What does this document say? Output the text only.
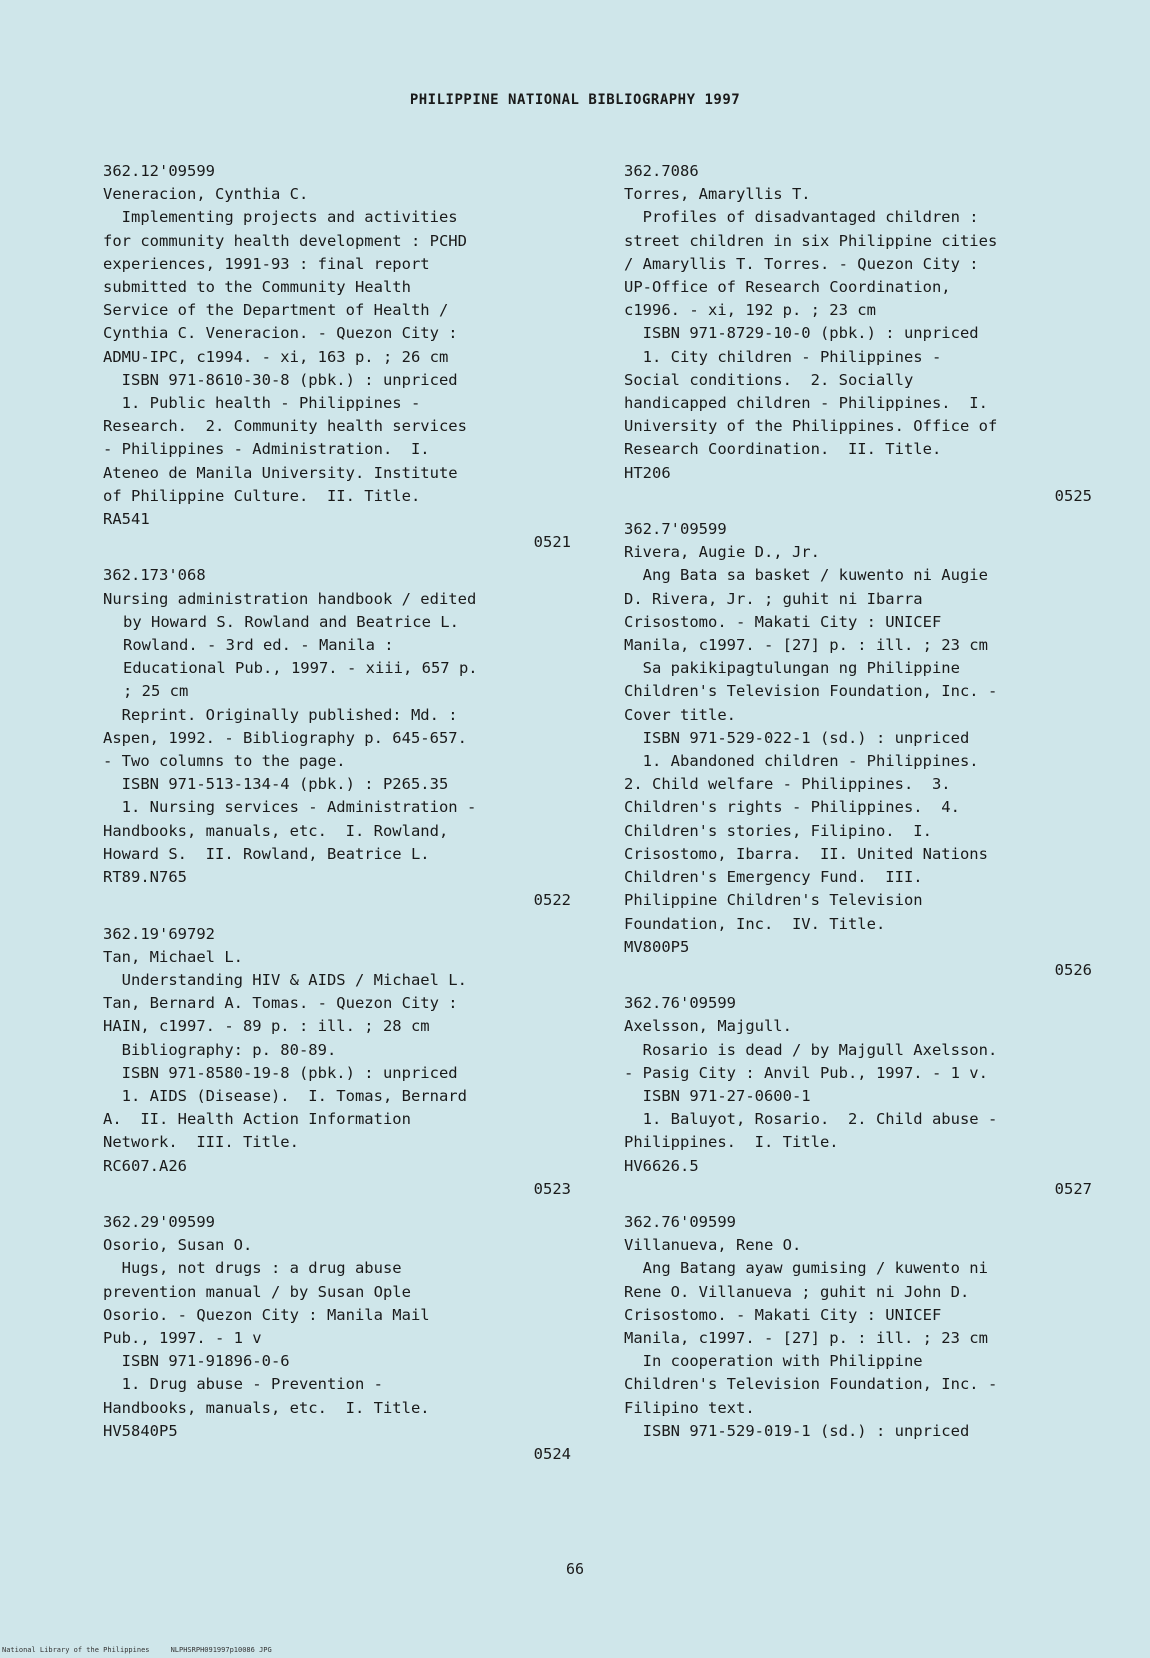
PHILIPPINE NATIONAL BIBLIOGRAPHY 1997
362.12'09599
Veneracion, Cynthia C.
Implementing projects and activities
for community health development : PCHD
experiences, 1991-93 : final report
submitted to the Community Health
Service of the Department of Health /
Cynthia C. Veneracion. - Quezon City :
ADMU-IPC, c1994. - xi, 163 p. ; 26 cm
ISBN 971-8610-30-8 (pbk.) : unpriced
1. Public health - Philippines -
Research.  2. Community health services
- Philippines - Administration.  I.
Ateneo de Manila University. Institute
of Philippine Culture.  II. Title.
RA541
0521
362.173'068
Nursing administration handbook / edited
by Howard S. Rowland and Beatrice L.
Rowland. - 3rd ed. - Manila :
Educational Pub., 1997. - xiii, 657 p.
; 25 cm
Reprint. Originally published: Md. :
Aspen, 1992. - Bibliography p. 645-657.
- Two columns to the page.
ISBN 971-513-134-4 (pbk.) : P265.35
1. Nursing services - Administration -
Handbooks, manuals, etc.  I. Rowland,
Howard S.  II. Rowland, Beatrice L.
RT89.N765
0522
362.19'69792
Tan, Michael L.
Understanding HIV & AIDS / Michael L.
Tan, Bernard A. Tomas. - Quezon City :
HAIN, c1997. - 89 p. : ill. ; 28 cm
Bibliography: p. 80-89.
ISBN 971-8580-19-8 (pbk.) : unpriced
1. AIDS (Disease).  I. Tomas, Bernard
A.  II. Health Action Information
Network.  III. Title.
RC607.A26
0523
362.29'09599
Osorio, Susan O.
Hugs, not drugs : a drug abuse
prevention manual / by Susan Ople
Osorio. - Quezon City : Manila Mail
Pub., 1997. - 1 v
ISBN 971-91896-0-6
1. Drug abuse - Prevention -
Handbooks, manuals, etc.  I. Title.
HV5840P5
0524
362.7086
Torres, Amaryllis T.
Profiles of disadvantaged children :
street children in six Philippine cities
/ Amaryllis T. Torres. - Quezon City :
UP-Office of Research Coordination,
c1996. - xi, 192 p. ; 23 cm
ISBN 971-8729-10-0 (pbk.) : unpriced
1. City children - Philippines -
Social conditions.  2. Socially
handicapped children - Philippines.  I.
University of the Philippines. Office of
Research Coordination.  II. Title.
HT206
0525
362.7'09599
Rivera, Augie D., Jr.
Ang Bata sa basket / kuwento ni Augie
D. Rivera, Jr. ; guhit ni Ibarra
Crisostomo. - Makati City : UNICEF
Manila, c1997. - [27] p. : ill. ; 23 cm
Sa pakikipagtulungan ng Philippine
Children's Television Foundation, Inc. -
Cover title.
ISBN 971-529-022-1 (sd.) : unpriced
1. Abandoned children - Philippines.
2. Child welfare - Philippines.  3.
Children's rights - Philippines.  4.
Children's stories, Filipino.  I.
Crisostomo, Ibarra.  II. United Nations
Children's Emergency Fund.  III.
Philippine Children's Television
Foundation, Inc.  IV. Title.
MV800P5
0526
362.76'09599
Axelsson, Majgull.
Rosario is dead / by Majgull Axelsson.
- Pasig City : Anvil Pub., 1997. - 1 v.
ISBN 971-27-0600-1
1. Baluyot, Rosario.  2. Child abuse -
Philippines.  I. Title.
HV6626.5
0527
362.76'09599
Villanueva, Rene O.
Ang Batang ayaw gumising / kuwento ni
Rene O. Villanueva ; guhit ni John D.
Crisostomo. - Makati City : UNICEF
Manila, c1997. - [27] p. : ill. ; 23 cm
In cooperation with Philippine
Children's Television Foundation, Inc. -
Filipino text.
ISBN 971-529-019-1 (sd.) : unpriced
66
National Library of the Philippines     NLPHSRPH091997p10086 JPG
